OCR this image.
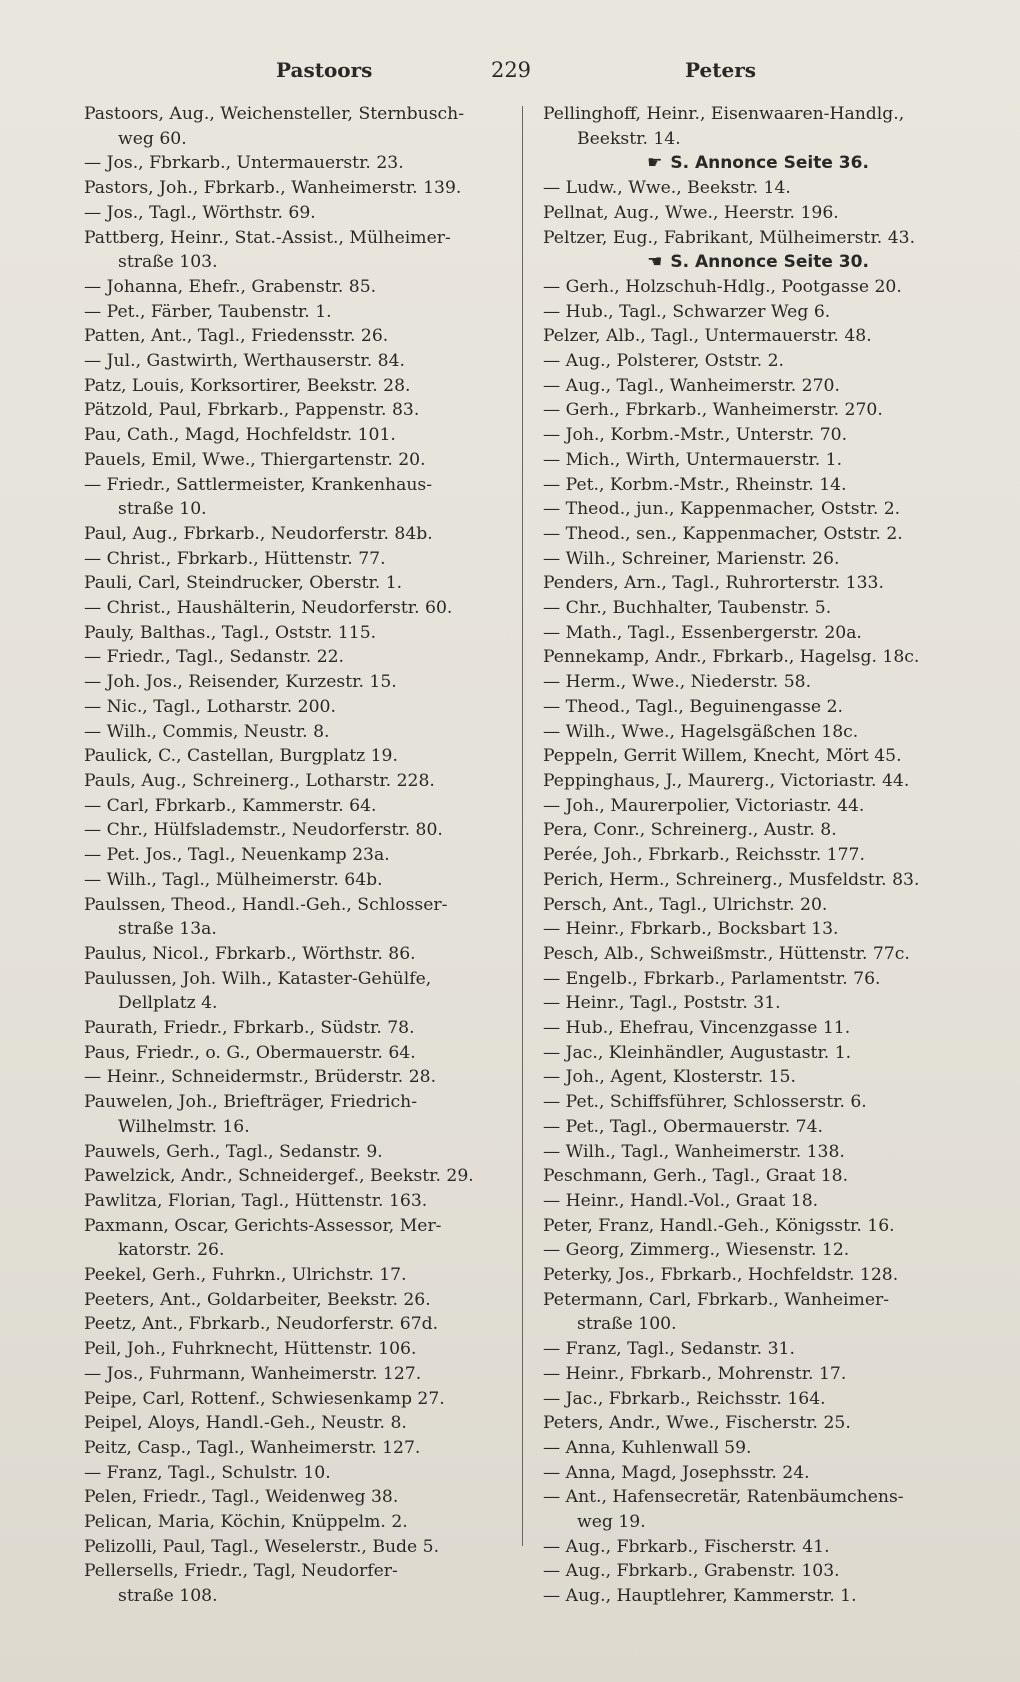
229
Pastoors	Peters
Pastoors, Aug., Weichensteller, Sternbusch-
weg 60.
— Jos., Fbrkarb., Untermauerstr. 23.
Pastors, Joh., Fbrkarb., Wanheimerstr. 139.
— Jos., Tagl., Wörthstr. 69.
Pattberg, Heinr., Stat.-Assist., Mülheimer-
straße 103.
— Johanna, Ehefr., Grabenstr. 85.
— Pet., Färber, Taubenstr. 1.
Patten, Ant., Tagl., Friedensstr. 26.
— Jul., Gastwirth, Werthauserstr. 84.
Patz, Louis, Korksortirer, Beekstr. 28.
Pätzold, Paul, Fbrkarb., Pappenstr. 83.
Pau, Cath., Magd, Hochfeldstr. 101.
Pauels, Emil, Wwe., Thiergartenstr. 20.
— Friedr., Sattlermeister, Krankenhaus-
straße 10.
Paul, Aug., Fbrkarb., Neudorferstr. 84b.
— Christ., Fbrkarb., Hüttenstr. 77.
Pauli, Carl, Steindrucker, Oberstr. 1.
— Christ., Haushälterin, Neudorferstr. 60.
Pauly, Balthas., Tagl., Oststr. 115.
— Friedr., Tagl., Sedanstr. 22.
— Joh. Jos., Reisender, Kurzestr. 15.
— Nic., Tagl., Lotharstr. 200.
— Wilh., Commis, Neustr. 8.
Paulick, C., Castellan, Burgplatz 19.
Pauls, Aug., Schreinerg., Lotharstr. 228.
— Carl, Fbrkarb., Kammerstr. 64.
— Chr., Hülfslademstr., Neudorferstr. 80.
— Pet. Jos., Tagl., Neuenkamp 23a.
— Wilh., Tagl., Mülheimerstr. 64b.
Paulssen, Theod., Handl.-Geh., Schlosser-
straße 13a.
Paulus, Nicol., Fbrkarb., Wörthstr. 86.
Paulussen, Joh. Wilh., Kataster-Gehülfe,
Dellplatz 4.
Paurath, Friedr., Fbrkarb., Südstr. 78.
Paus, Friedr., o. G., Obermauerstr. 64.
— Heinr., Schneidermstr., Brüderstr. 28.
Pauwelen, Joh., Briefträger, Friedrich-
Wilhelmstr. 16.
Pauwels, Gerh., Tagl., Sedanstr. 9.
Pawelzick, Andr., Schneidergef., Beekstr. 29.
Pawlitza, Florian, Tagl., Hüttenstr. 163.
Paxmann, Oscar, Gerichts-Assessor, Mer-
katorstr. 26.
Peekel, Gerh., Fuhrkn., Ulrichstr. 17.
Peeters, Ant., Goldarbeiter, Beekstr. 26.
Peetz, Ant., Fbrkarb., Neudorferstr. 67d.
Peil, Joh., Fuhrknecht, Hüttenstr. 106.
— Jos., Fuhrmann, Wanheimerstr. 127.
Peipe, Carl, Rottenf., Schwiesenkamp 27.
Peipel, Aloys, Handl.-Geh., Neustr. 8.
Peitz, Casp., Tagl., Wanheimerstr. 127.
— Franz, Tagl., Schulstr. 10.
Pelen, Friedr., Tagl., Weidenweg 38.
Pelican, Maria, Köchin, Knüppelm. 2.
Pelizolli, Paul, Tagl., Weselerstr., Bude 5.
Pellersells, Friedr., Tagl, Neudorfer-
straße 108.
Pellinghoff, Heinr., Eisenwaaren-Handlg.,
Beekstr. 14.
☛ S. Annonce Seite 36.
— Ludw., Wwe., Beekstr. 14.
Pellnat, Aug., Wwe., Heerstr. 196.
Peltzer, Eug., Fabrikant, Mülheimerstr. 43.
☚ S. Annonce Seite 30.
— Gerh., Holzschuh-Hdlg., Pootgasse 20.
— Hub., Tagl., Schwarzer Weg 6.
Pelzer, Alb., Tagl., Untermauerstr. 48.
— Aug., Polsterer, Oststr. 2.
— Aug., Tagl., Wanheimerstr. 270.
— Gerh., Fbrkarb., Wanheimerstr. 270.
— Joh., Korbm.-Mstr., Unterstr. 70.
— Mich., Wirth, Untermauerstr. 1.
— Pet., Korbm.-Mstr., Rheinstr. 14.
— Theod., jun., Kappenmacher, Oststr. 2.
— Theod., sen., Kappenmacher, Oststr. 2.
— Wilh., Schreiner, Marienstr. 26.
Penders, Arn., Tagl., Ruhrorterstr. 133.
— Chr., Buchhalter, Taubenstr. 5.
— Math., Tagl., Essenbergerstr. 20a.
Pennekamp, Andr., Fbrkarb., Hagelsg. 18c.
— Herm., Wwe., Niederstr. 58.
— Theod., Tagl., Beguinengasse 2.
— Wilh., Wwe., Hagelsgäßchen 18c.
Peppeln, Gerrit Willem, Knecht, Mört 45.
Peppinghaus, J., Maurerg., Victoriastr. 44.
— Joh., Maurerpolier, Victoriastr. 44.
Pera, Conr., Schreinerg., Austr. 8.
Perée, Joh., Fbrkarb., Reichsstr. 177.
Perich, Herm., Schreinerg., Musfeldstr. 83.
Persch, Ant., Tagl., Ulrichstr. 20.
— Heinr., Fbrkarb., Bocksbart 13.
Pesch, Alb., Schweißmstr., Hüttenstr. 77c.
— Engelb., Fbrkarb., Parlamentstr. 76.
— Heinr., Tagl., Poststr. 31.
— Hub., Ehefrau, Vincenzgasse 11.
— Jac., Kleinhändler, Augustastr. 1.
— Joh., Agent, Klosterstr. 15.
— Pet., Schiffsführer, Schlosserstr. 6.
— Pet., Tagl., Obermauerstr. 74.
— Wilh., Tagl., Wanheimerstr. 138.
Peschmann, Gerh., Tagl., Graat 18.
— Heinr., Handl.-Vol., Graat 18.
Peter, Franz, Handl.-Geh., Königsstr. 16.
— Georg, Zimmerg., Wiesenstr. 12.
Peterky, Jos., Fbrkarb., Hochfeldstr. 128.
Petermann, Carl, Fbrkarb., Wanheimer-
straße 100.
— Franz, Tagl., Sedanstr. 31.
— Heinr., Fbrkarb., Mohrenstr. 17.
— Jac., Fbrkarb., Reichsstr. 164.
Peters, Andr., Wwe., Fischerstr. 25.
— Anna, Kuhlenwall 59.
— Anna, Magd, Josephsstr. 24.
— Ant., Hafensecretär, Ratenbäumchens-
weg 19.
— Aug., Fbrkarb., Fischerstr. 41.
— Aug., Fbrkarb., Grabenstr. 103.
— Aug., Hauptlehrer, Kammerstr. 1.
